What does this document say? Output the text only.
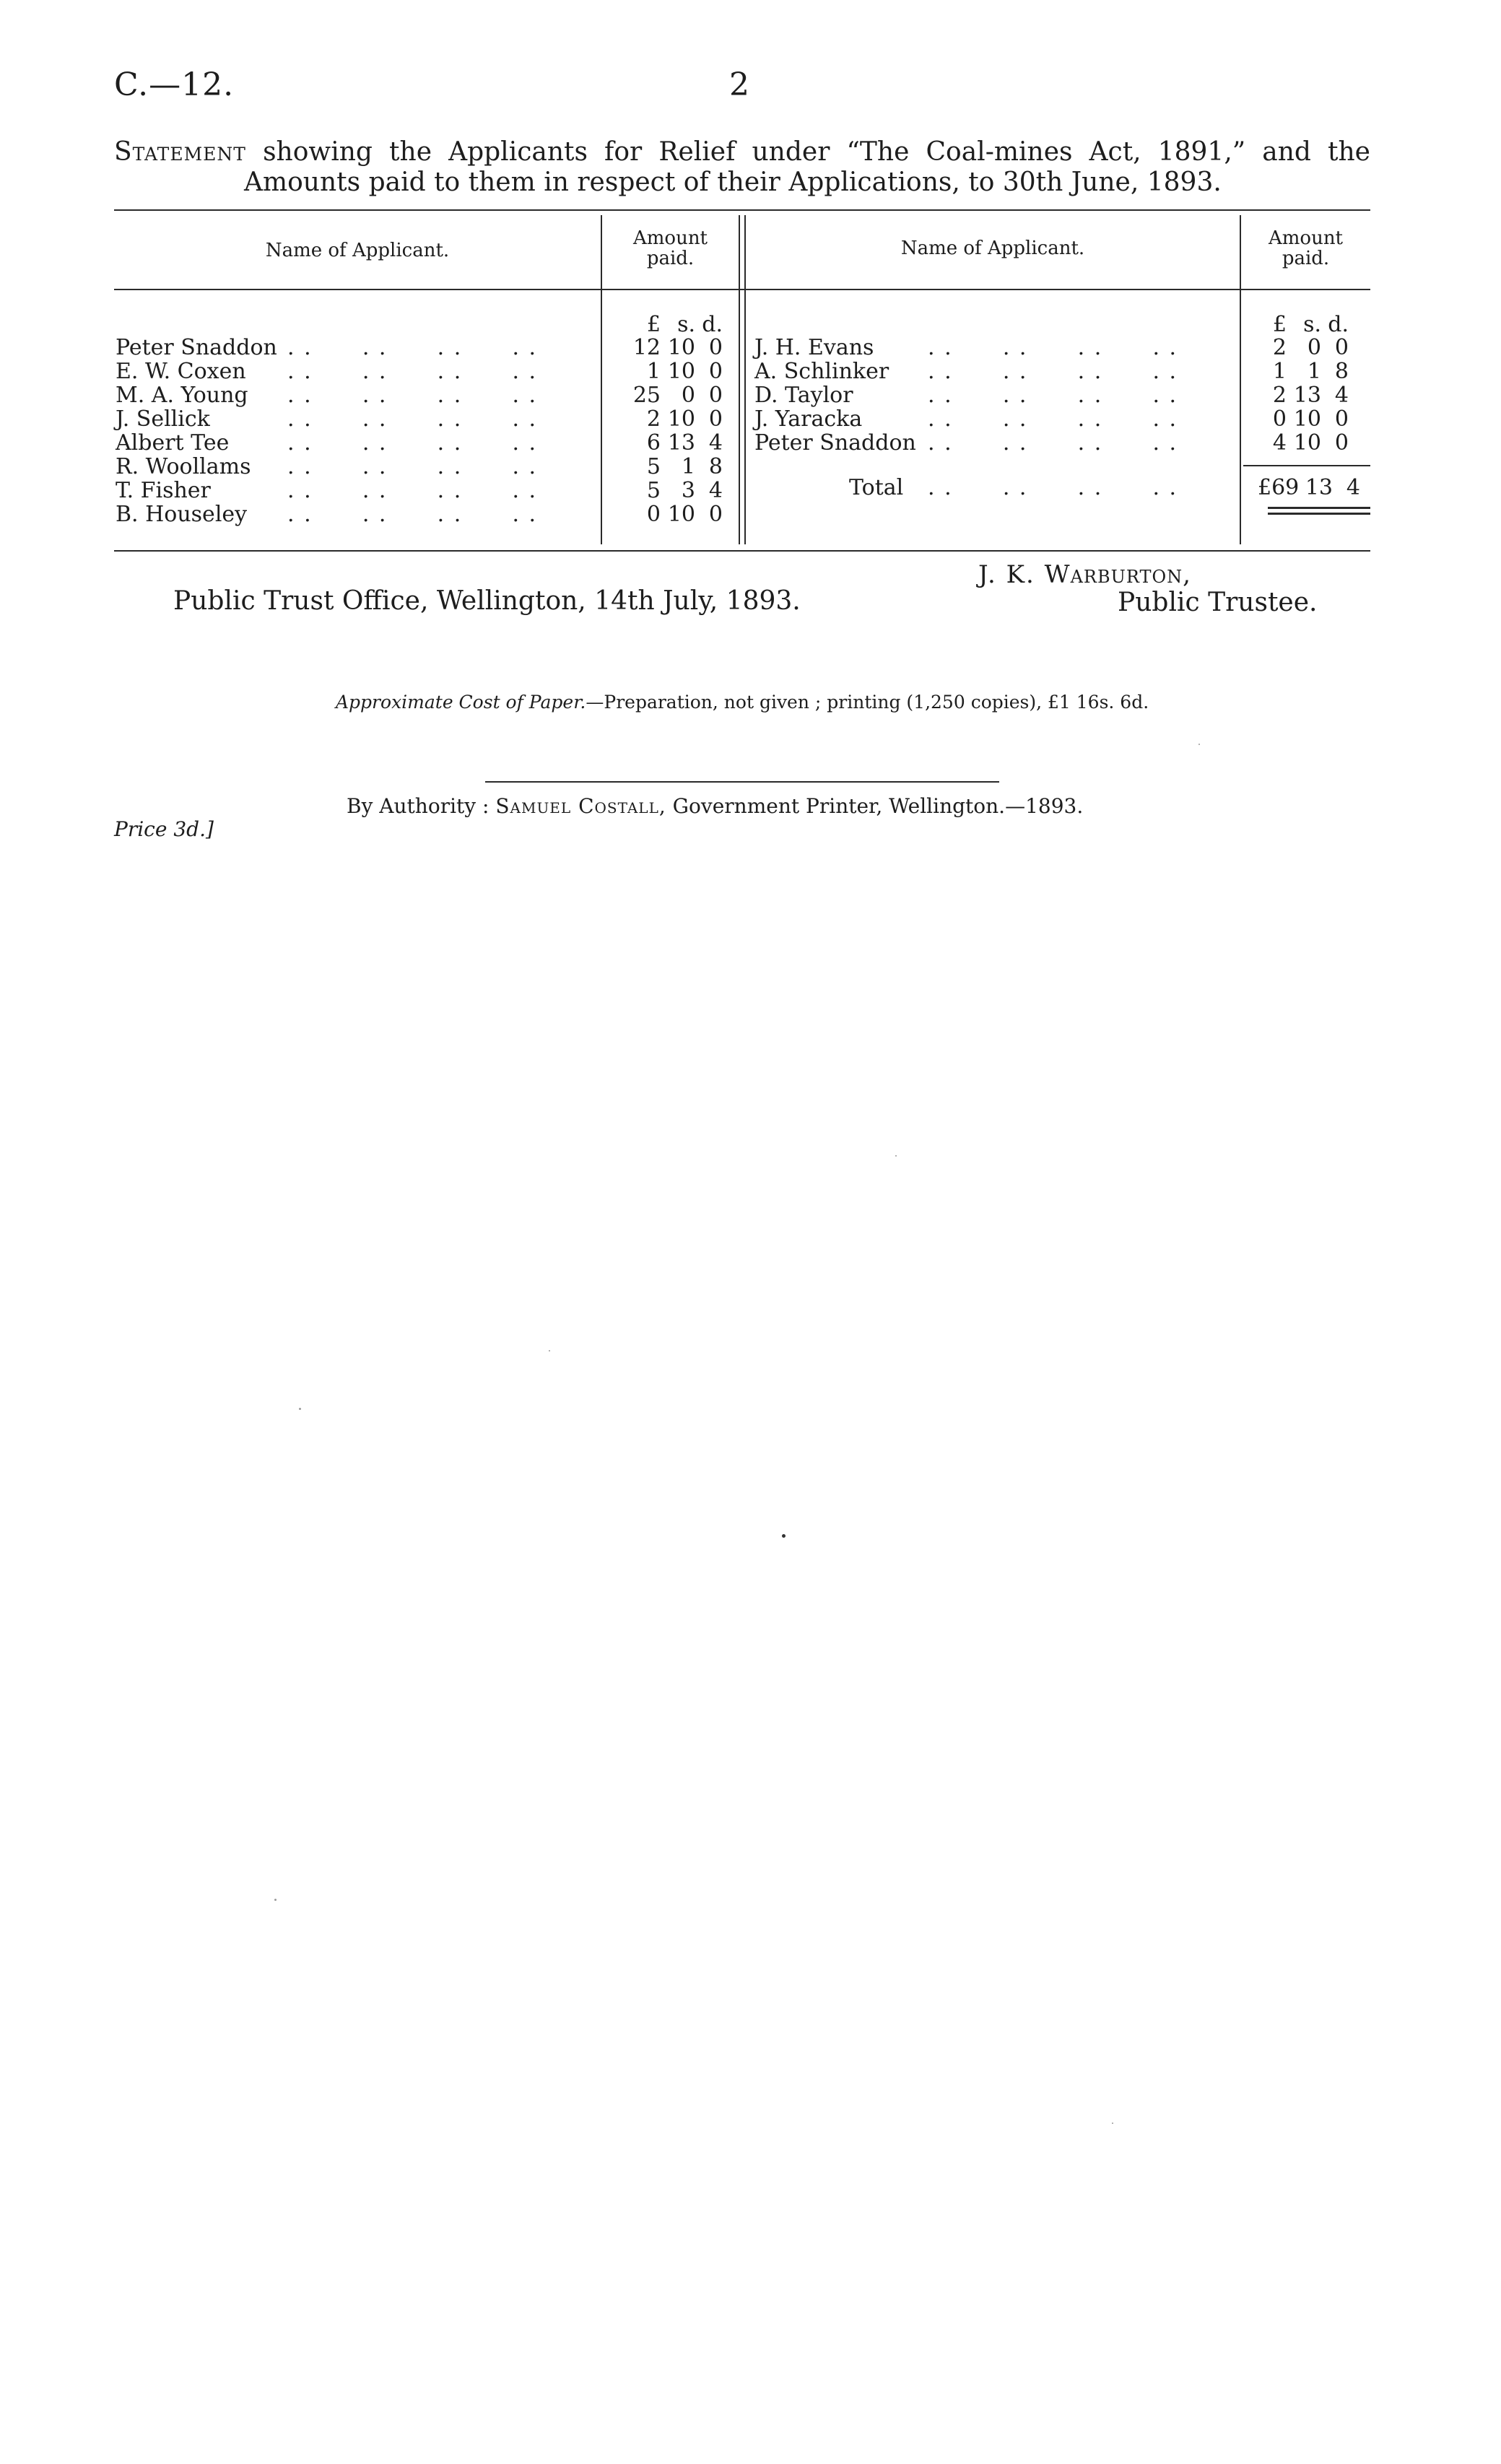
C.—12.	2
Statement showing the Applicants for Relief under “The Coal-mines Act, 1891,” and the
Amounts paid to them in respect of their Applications, to 30th June, 1893.
Name of Applicant.
Amount
paid.	Name of Applicant.	Amount
paid.
£ s. d.	£ s. d.
Peter Snaddon . .      . .      . .      . .	12 10 0
E. W. Coxen . .      . .      . .      . .	1 10 0
M. A. Young . .      . .      . .      . .	25 0 0
J. Sellick	. .      . .      . .      . .	2 10 0
Albert Tee	. .      . .      . .      . .	6 13 4
R. Woollams . .      . .      . .      . .	5 1 8
T. Fisher	. .      . .      . .      . .	5 3 4
B. Houseley . .      . .      . .      . .	0 10 0
J. H. Evans . .      . .      . .      . .	2 0 0
A. Schlinker . .      . .      . .      . .	1 1 8
D. Taylor	. .      . .      . .      . .	2 13 4
J. Yaracka	. .      . .      . .      . .	0 10 0
Peter Snaddon . .      . .      . .      . .	4 10 0
Total . .      . .      . .      . .	£69 13 4
J. K. Warburton,
Public Trust Office, Wellington, 14th July, 1893.	Public Trustee.
Approximate Cost of Paper.—Preparation, not given ; printing (1,250 copies), £1 16s. 6d.
By Authority : Samuel Costall, Government Printer, Wellington.—1893.
Price 3d.]
